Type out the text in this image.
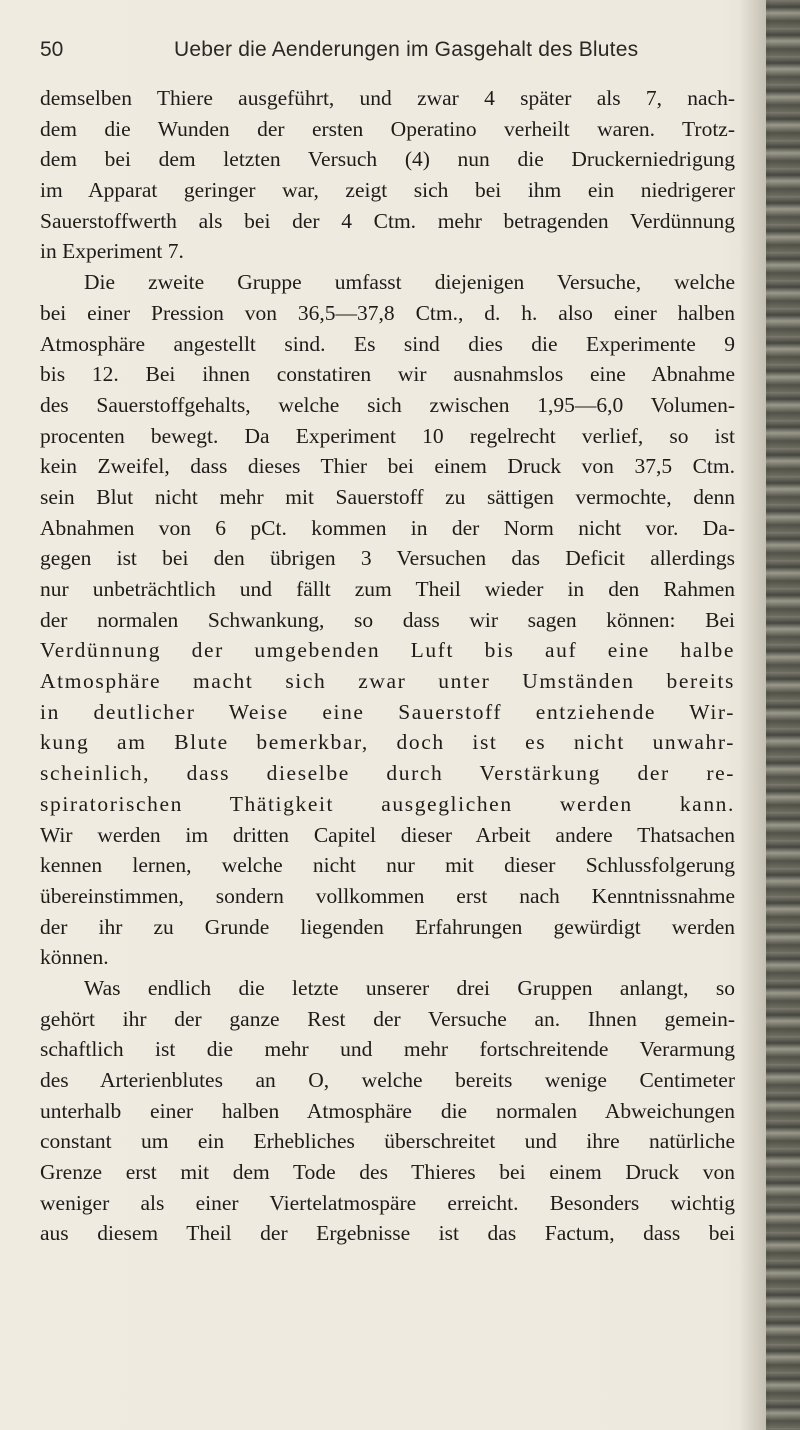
50	Ueber die Aenderungen im Gasgehalt des Blutes
demselben Thiere ausgeführt, und zwar 4 später als 7, nach-
dem die Wunden der ersten Operatino verheilt waren. Trotz-
dem bei dem letzten Versuch (4) nun die Druckerniedrigung
im Apparat geringer war, zeigt sich bei ihm ein niedrigerer
Sauerstoffwerth als bei der 4 Ctm. mehr betragenden Verdünnung
in Experiment 7.
Die zweite Gruppe umfasst diejenigen Versuche, welche
bei einer Pression von 36,5—37,8 Ctm., d. h. also einer halben
Atmosphäre angestellt sind. Es sind dies die Experimente 9
bis 12. Bei ihnen constatiren wir ausnahmslos eine Abnahme
des Sauerstoffgehalts, welche sich zwischen 1,95—6,0 Volumen-
procenten bewegt. Da Experiment 10 regelrecht verlief, so ist
kein Zweifel, dass dieses Thier bei einem Druck von 37,5 Ctm.
sein Blut nicht mehr mit Sauerstoff zu sättigen vermochte, denn
Abnahmen von 6 pCt. kommen in der Norm nicht vor. Da-
gegen ist bei den übrigen 3 Versuchen das Deficit allerdings
nur unbeträchtlich und fällt zum Theil wieder in den Rahmen
der normalen Schwankung, so dass wir sagen können: Bei
Verdünnung der umgebenden Luft bis auf eine halbe
Atmosphäre macht sich zwar unter Umständen bereits
in deutlicher Weise eine Sauerstoff entziehende Wir-
kung am Blute bemerkbar, doch ist es nicht unwahr-
scheinlich, dass dieselbe durch Verstärkung der re-
spiratorischen Thätigkeit ausgeglichen werden kann.
Wir werden im dritten Capitel dieser Arbeit andere Thatsachen
kennen lernen, welche nicht nur mit dieser Schlussfolgerung
übereinstimmen, sondern vollkommen erst nach Kenntnissnahme
der ihr zu Grunde liegenden Erfahrungen gewürdigt werden
können.
Was endlich die letzte unserer drei Gruppen anlangt, so
gehört ihr der ganze Rest der Versuche an. Ihnen gemein-
schaftlich ist die mehr und mehr fortschreitende Verarmung
des Arterienblutes an O, welche bereits wenige Centimeter
unterhalb einer halben Atmosphäre die normalen Abweichungen
constant um ein Erhebliches überschreitet und ihre natürliche
Grenze erst mit dem Tode des Thieres bei einem Druck von
weniger als einer Viertelatmospäre erreicht. Besonders wichtig
aus diesem Theil der Ergebnisse ist das Factum, dass bei
